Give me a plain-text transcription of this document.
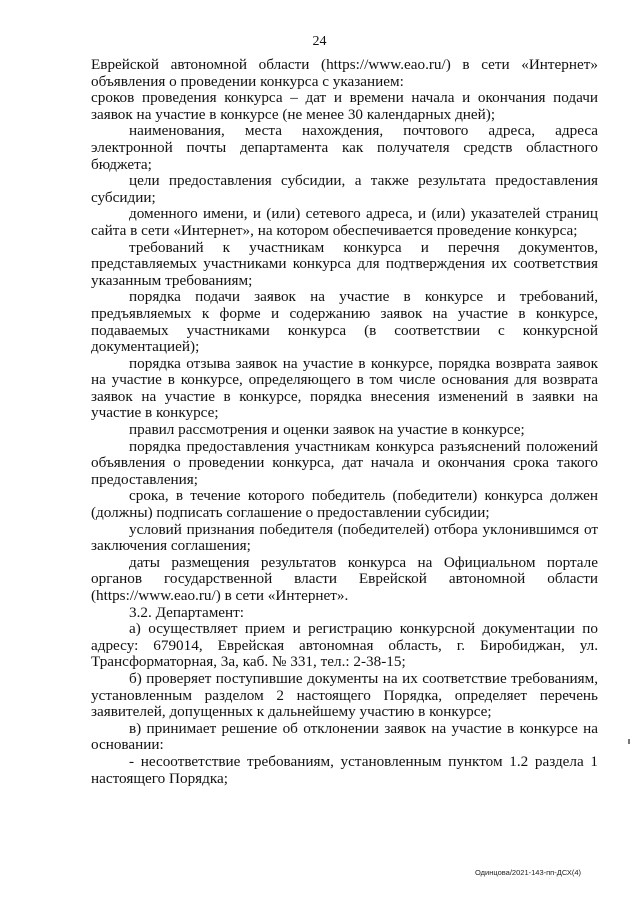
24

Еврейской автономной области (https://www.eao.ru/) в сети «Интернет» объявления о проведении конкурса с указанием:

сроков проведения конкурса – дат и времени начала и окончания подачи заявок на участие в конкурсе (не менее 30 календарных дней);

наименования, места нахождения, почтового адреса, адреса электронной почты департамента как получателя средств областного бюджета;

цели предоставления субсидии, а также результата предоставления субсидии;

доменного имени, и (или) сетевого адреса, и (или) указателей страниц сайта в сети «Интернет», на котором обеспечивается проведение конкурса;

требований к участникам конкурса и перечня документов, представляемых участниками конкурса для подтверждения их соответствия указанным требованиям;

порядка подачи заявок на участие в конкурсе и требований, предъявляемых к форме и содержанию заявок на участие в конкурсе, подаваемых участниками конкурса (в соответствии с конкурсной документацией);

порядка отзыва заявок на участие в конкурсе, порядка возврата заявок на участие в конкурсе, определяющего в том числе основания для возврата заявок на участие в конкурсе, порядка внесения изменений в заявки на участие в конкурсе;

правил рассмотрения и оценки заявок на участие в конкурсе;

порядка предоставления участникам конкурса разъяснений положений объявления о проведении конкурса, дат начала и окончания срока такого предоставления;

срока, в течение которого победитель (победители) конкурса должен (должны) подписать соглашение о предоставлении субсидии;

условий признания победителя (победителей) отбора уклонившимся от заключения соглашения;

даты размещения результатов конкурса на Официальном портале органов государственной власти Еврейской автономной области (https://www.eao.ru/) в сети «Интернет».

3.2. Департамент:

а) осуществляет прием и регистрацию конкурсной документации по адресу: 679014, Еврейская автономная область, г. Биробиджан, ул. Трансформаторная, 3а, каб. № 331, тел.: 2-38-15;

б) проверяет поступившие документы на их соответствие требованиям, установленным разделом 2 настоящего Порядка, определяет перечень заявителей, допущенных к дальнейшему участию в конкурсе;

в) принимает решение об отклонении заявок на участие в конкурсе на основании:

- несоответствие требованиям, установленным пунктом 1.2 раздела 1 настоящего Порядка;

Одинцова/2021-143-пп-ДСХ(4)
